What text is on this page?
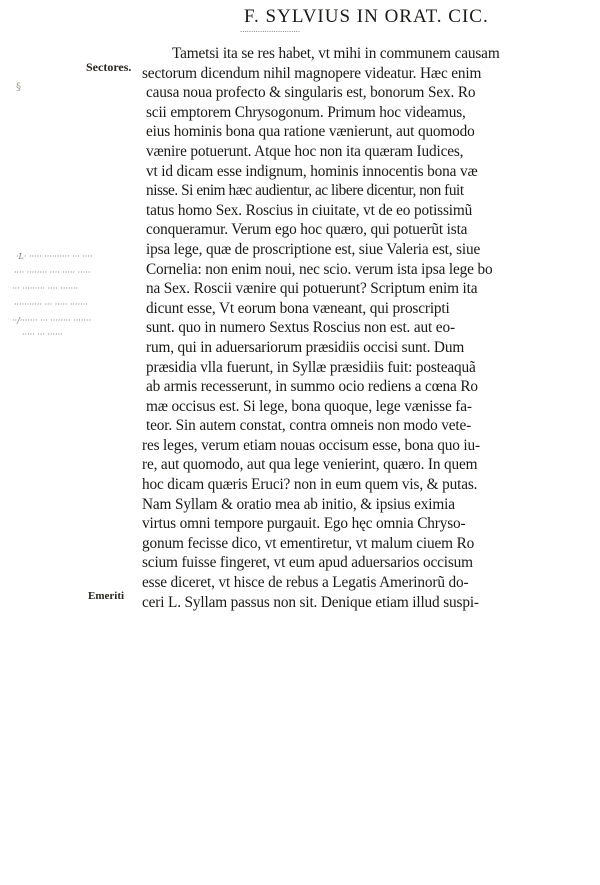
F. SYLVIUS IN ORAT. CIC.
···························
Sectores.
Emeriti
§
·L· ····· ·········· ··· ····
···· ········ ···· ····· ·····
··· ········· ···· ·······
··········· ··· ····· ·······
··/······· ··· ········ ·······
····· ··· ······
Tametsi ita se res habet, vt mihi in communem causam
sectorum dicendum nihil magnopere videatur. Hæc enim
causa noua profecto & singularis est, bonorum Sex. Ro
scii emptorem Chrysogonum. Primum hoc videamus,
eius hominis bona qua ratione vænierunt, aut quomodo
vænire potuerunt. Atque hoc non ita quæram Iudices,
vt id dicam esse indignum, hominis innocentis bona væ
nisse. Si enim hæc audientur, ac libere dicentur, non fuit
tatus homo Sex. Roscius in ciuitate, vt de eo potissimũ
conqueramur. Verum ego hoc quæro, qui potuerũt ista
ipsa lege, quæ de proscriptione est, siue Valeria est, siue
Cornelia: non enim noui, nec scio. verum ista ipsa lege bo
na Sex. Roscii vænire qui potuerunt? Scriptum enim ita
dicunt esse, Vt eorum bona væneant, qui proscripti
sunt. quo in numero Sextus Roscius non est. aut eo-
rum, qui in aduersariorum præsidiis occisi sunt. Dum
præsidia vlla fuerunt, in Syllæ præsidiis fuit: posteaquã
ab armis recesserunt, in summo ocio rediens a cœna Ro
mæ occisus est. Si lege, bona quoque, lege vænisse fa-
teor. Sin autem constat, contra omneis non modo vete-
res leges, verum etiam nouas occisum esse, bona quo iu-
re, aut quomodo, aut qua lege venierint, quæro. In quem
hoc dicam quæris Eruci? non in eum quem vis, & putas.
Nam Syllam & oratio mea ab initio, & ipsius eximia
virtus omni tempore purgauit. Ego hęc omnia Chryso-
gonum fecisse dico, vt ementiretur, vt malum ciuem Ro
scium fuisse fingeret, vt eum apud aduersarios occisum
esse diceret, vt hisce de rebus a Legatis Amerinorũ do-
ceri L. Syllam passus non sit. Denique etiam illud suspi-
